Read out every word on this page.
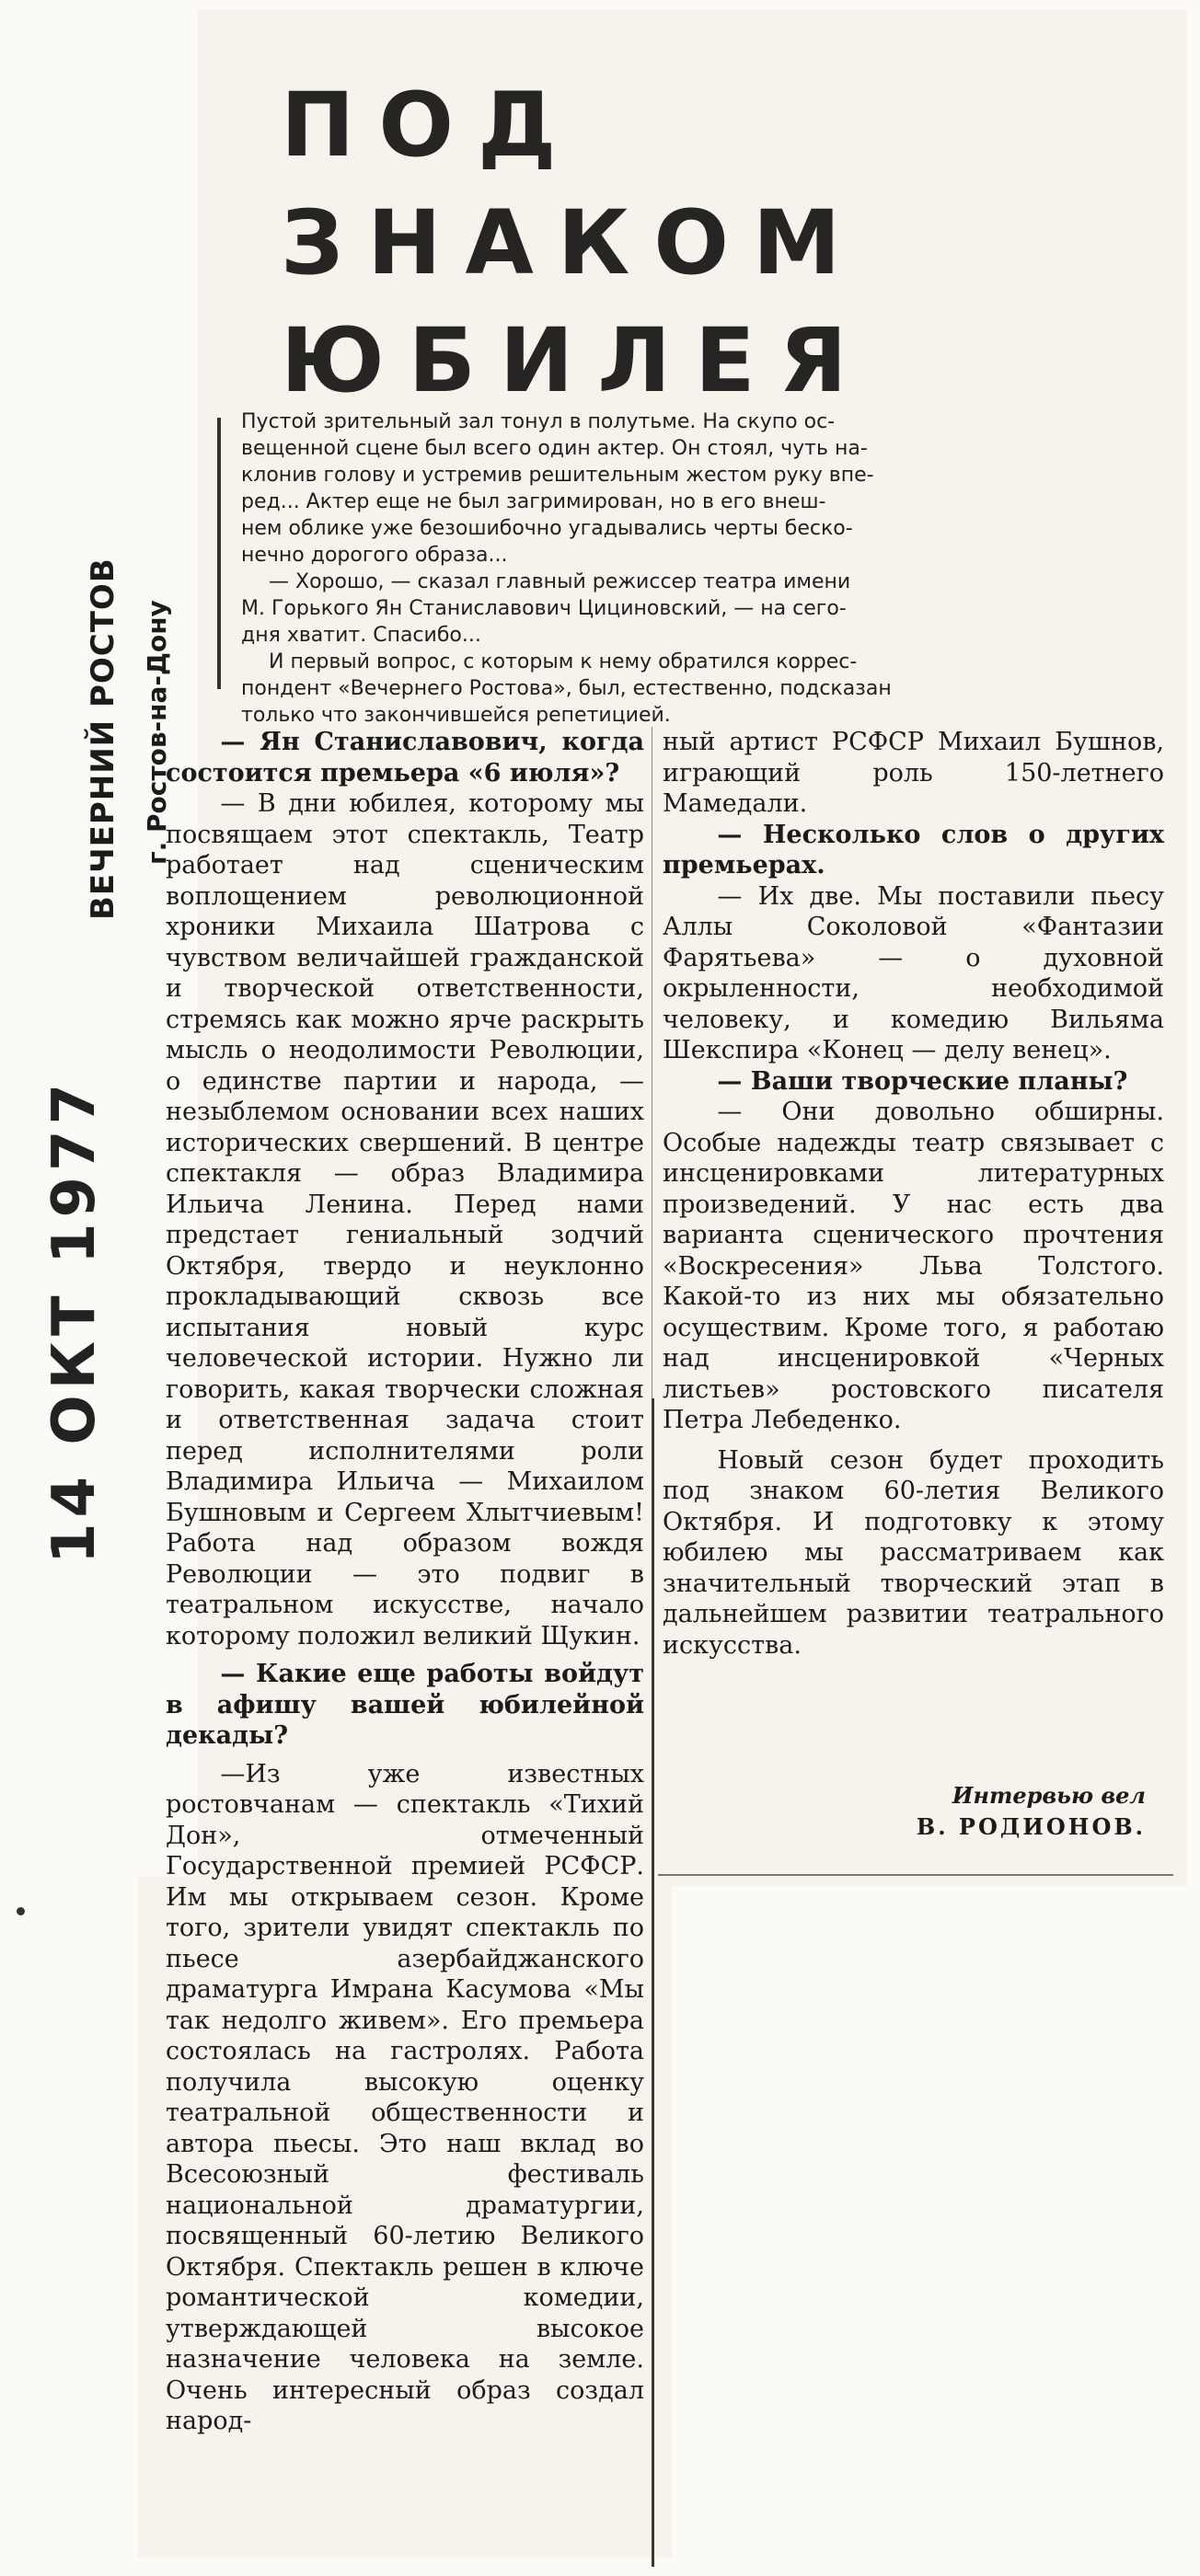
ПОД
ЗНАКОМ
ЮБИЛЕЯ
Пустой зрительный зал тонул в полутьме. На скупо ос-
вещенной сцене был всего один актер. Он стоял, чуть на-
клонив голову и устремив решительным жестом руку впе-
ред... Актер еще не был загримирован, но в его внеш-
нем облике уже безошибочно угадывались черты беско-
нечно дорогого образа...
— Хорошо, — сказал главный режиссер театра имени
М. Горького Ян Станиславович Цициновский, — на сего-
дня хватит. Спасибо...
И первый вопрос, с которым к нему обратился коррес-
пондент «Вечернего Ростова», был, естественно, подсказан
только что закончившейся репетицией.
ВЕЧЕРНИЙ РОСТОВ г. Ростов-на-Дону
14 ОКТ 1977

— Ян Станиславович, когда состоится премьера «6 июля»?

— В дни юбилея, которому мы посвящаем этот спектакль, Театр работает над сценическим воплощением революционной хроники Михаила Шатрова с чувством величайшей гражданской и творческой ответственности, стремясь как можно ярче раскрыть мысль о неодолимости Революции, о единстве партии и народа, — незыблемом основании всех наших исторических свершений. В центре спектакля — образ Владимира Ильича Ленина. Перед нами предстает гениальный зодчий Октября, твердо и неуклонно прокладывающий сквозь все испытания новый курс человеческой истории. Нужно ли говорить, какая творчески сложная и ответственная задача стоит перед исполнителями роли Владимира Ильича — Михаилом Бушновым и Сергеем Хлытчиевым! Работа над образом вождя Революции — это подвиг в театральном искусстве, начало которому положил великий Щукин.

— Какие еще работы войдут в афишу вашей юбилейной декады?

—Из уже известных ростовчанам — спектакль «Тихий Дон», отмеченный Государственной премией РСФСР. Им мы открываем сезон. Кроме того, зрители увидят спектакль по пьесе азербайджанского драматурга Имрана Касумова «Мы так недолго живем». Его премьера состоялась на гастролях. Работа получила высокую оценку театральной общественности и автора пьесы. Это наш вклад во Всесоюзный фестиваль национальной драматургии, посвященный 60-летию Великого Октября. Спектакль решен в ключе романтической комедии, утверждающей высокое назначение человека на земле. Очень интересный образ создал народ-

ный артист РСФСР Михаил Бушнов, играющий роль 150-летнего Мамедали.

— Несколько слов о других премьерах.

— Их две. Мы поставили пьесу Аллы Соколовой «Фантазии Фарятьева» — о духовной окрыленности, необходимой человеку, и комедию Вильяма Шекспира «Конец — делу венец».

— Ваши творческие планы?

— Они довольно обширны. Особые надежды театр связывает с инсценировками литературных произведений. У нас есть два варианта сценического прочтения «Воскресения» Льва Толстого. Какой-то из них мы обязательно осуществим. Кроме того, я работаю над инсценировкой «Черных листьев» ростовского писателя Петра Лебеденко.

Новый сезон будет проходить под знаком 60-летия Великого Октября. И подготовку к этому юбилею мы рассматриваем как значительный творческий этап в дальнейшем развитии театрального искусства.

Интервью вел
В. РОДИОНОВ.
